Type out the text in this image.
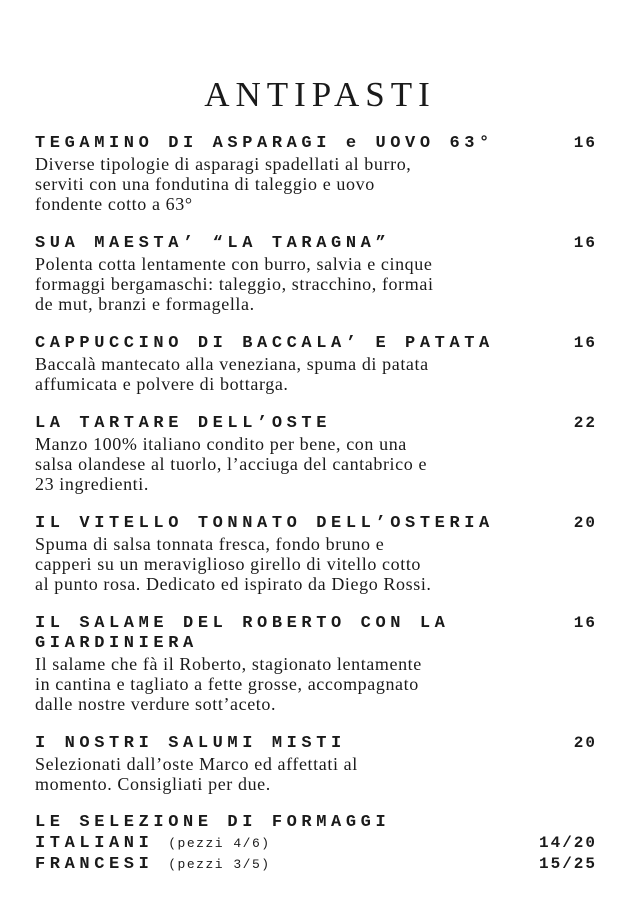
ANTIPASTI
TEGAMINO DI ASPARAGI e UOVO 63°	16
Diverse tipologie di asparagi spadellati al burro,
serviti con una fondutina di taleggio e uovo
fondente cotto a 63°
SUA MAESTA’ “LA TARAGNA”	16
Polenta cotta lentamente con burro, salvia e cinque
formaggi bergamaschi: taleggio, stracchino, formai
de mut, branzi e formagella.
CAPPUCCINO DI BACCALA’ E PATATA	16
Baccalà mantecato alla veneziana, spuma di patata
affumicata e polvere di bottarga.
LA TARTARE DELL’OSTE	22
Manzo 100% italiano condito per bene, con una
salsa olandese al tuorlo, l’acciuga del cantabrico e
23 ingredienti.
IL VITELLO TONNATO DELL’OSTERIA	20
Spuma di salsa tonnata fresca, fondo bruno e
capperi su un meraviglioso girello di vitello cotto
al punto rosa. Dedicato ed ispirato da Diego Rossi.
IL SALAME DEL ROBERTO CON LA	16
GIARDINIERA
Il salame che fà il Roberto, stagionato lentamente
in cantina e tagliato a fette grosse, accompagnato
dalle nostre verdure sott’aceto.
I NOSTRI SALUMI MISTI	20
Selezionati dall’oste Marco ed affettati al
momento. Consigliati per due.
LE SELEZIONE DI FORMAGGI
ITALIANI (pezzi 4/6)	14/20
FRANCESI (pezzi 3/5)	15/25
